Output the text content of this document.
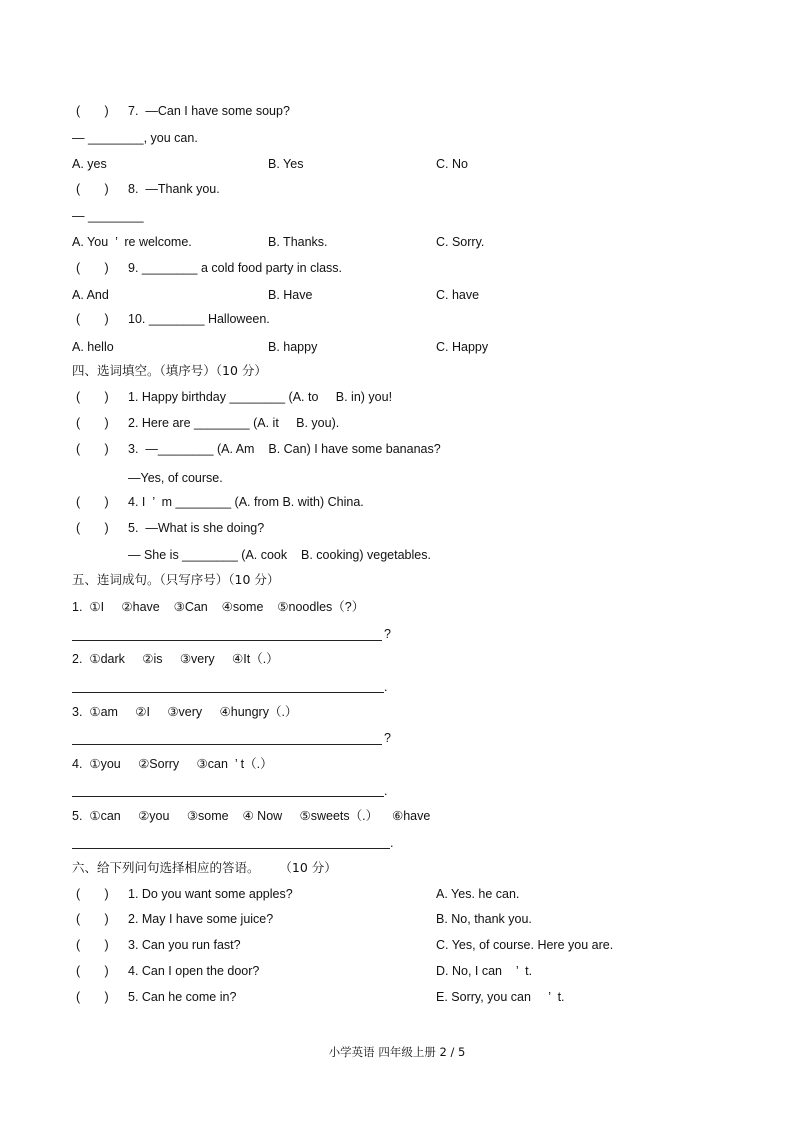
(       ) 7.  —Can I have some soup?
— ________, you can.
A. yes	B. Yes	C. No
(       ) 8.  —Thank you.
— ________
A. You  ’  re welcome.	B. Thanks.	C. Sorry.
(       ) 9. ________ a cold food party in class.
A. And	B. Have	C. have
(       ) 10. ________ Halloween.
A. hello	B. happy	C. Happy
四、选词填空。（填序号）（10 分）
(       ) 1. Happy birthday ________ (A. to     B. in) you!
(       ) 2. Here are ________ (A. it     B. you).
(       ) 3.  —________ (A. Am    B. Can) I have some bananas?
—Yes, of course.
(       ) 4. I  ’  m ________ (A. from B. with) China.
(       ) 5.  —What is she doing?
— She is ________ (A. cook    B. cooking) vegetables.
五、连词成句。（只写序号）（10 分）
1.  ①I     ②have    ③Can    ④some    ⑤noodles（?）
?
2.  ①dark     ②is     ③very     ④It（.）
.
3.  ①am     ②I     ③very     ④hungry（.）
?
4.  ①you     ②Sorry     ③can  ’ t（.）
.
5.  ①can     ②you     ③some    ④ Now     ⑤sweets（.）    ⑥have
.
六、给下列问句选择相应的答语。     （10 分）
(       ) 1. Do you want some apples?	A. Yes. he can.
(       ) 2. May I have some juice?	B. No, thank you.
(       ) 3. Can you run fast?	C. Yes, of course. Here you are.
(       ) 4. Can I open the door?	D. No, I can    ’  t.
(       ) 5. Can he come in?	E. Sorry, you can     ’  t.
小学英语 四年级上册 2 / 5
